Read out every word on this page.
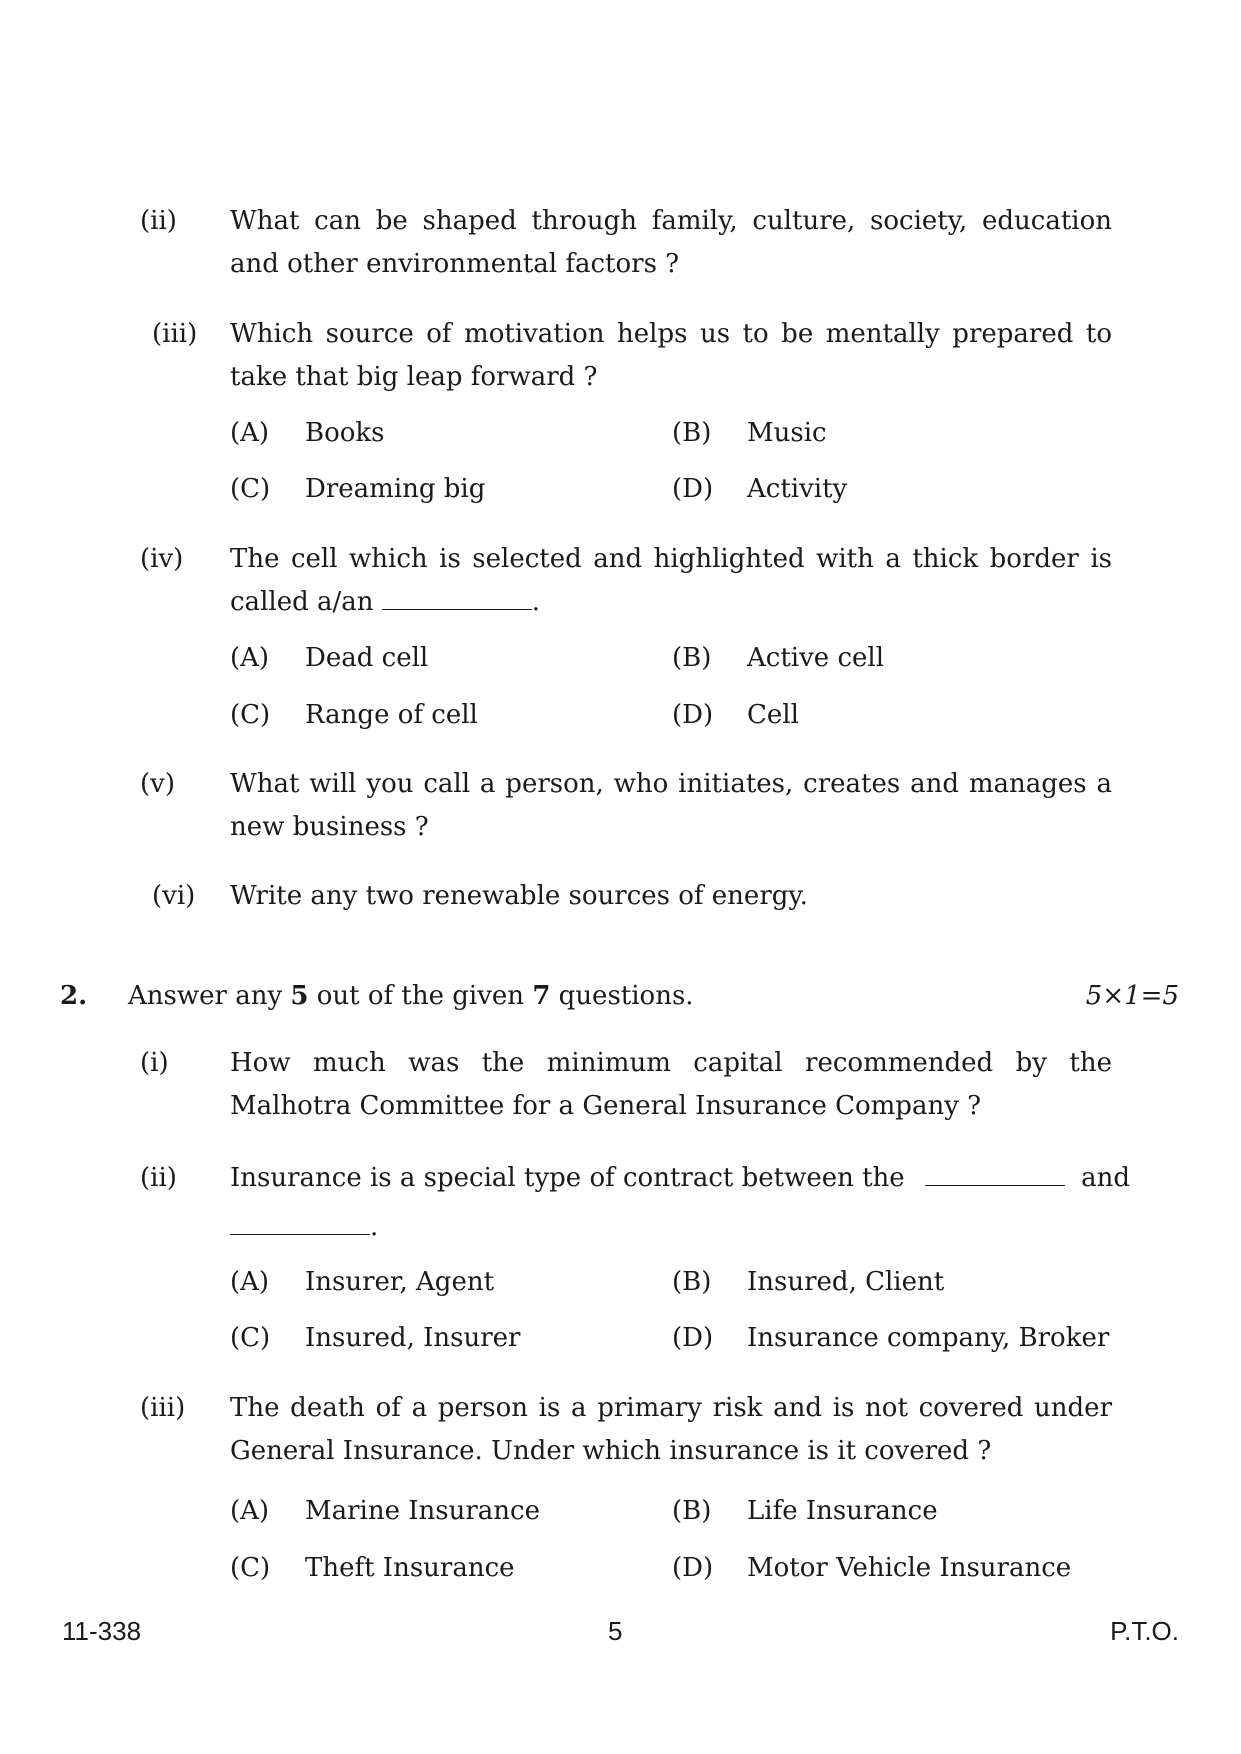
(ii)	What can be shaped through family, culture, society, education and other environmental factors ?
(iii)	Which source of motivation helps us to be mentally prepared to take that big leap forward ?
(A) Books	(B) Music
(C) Dreaming big	(D) Activity
(iv)	The cell which is selected and highlighted with a thick border is called a/an	.
(A) Dead cell	(B) Active cell
(C) Range of cell	(D) Cell
(v)	What will you call a person, who initiates, creates and manages a new business ?
(vi)	Write any two renewable sources of energy.
2. Answer any 5 out of the given 7 questions.	5×1=5
(i)	How much was the minimum capital recommended by the Malhotra Committee for a General Insurance Company ?
(ii)	Insurance is a special type of contract between the	and
.
(A) Insurer, Agent	(B) Insured, Client
(C) Insured, Insurer	(D) Insurance company, Broker
(iii)	The death of a person is a primary risk and is not covered under General Insurance. Under which insurance is it covered ?
(A) Marine Insurance	(B) Life Insurance
(C) Theft Insurance	(D) Motor Vehicle Insurance
11-338	5	P.T.O.
